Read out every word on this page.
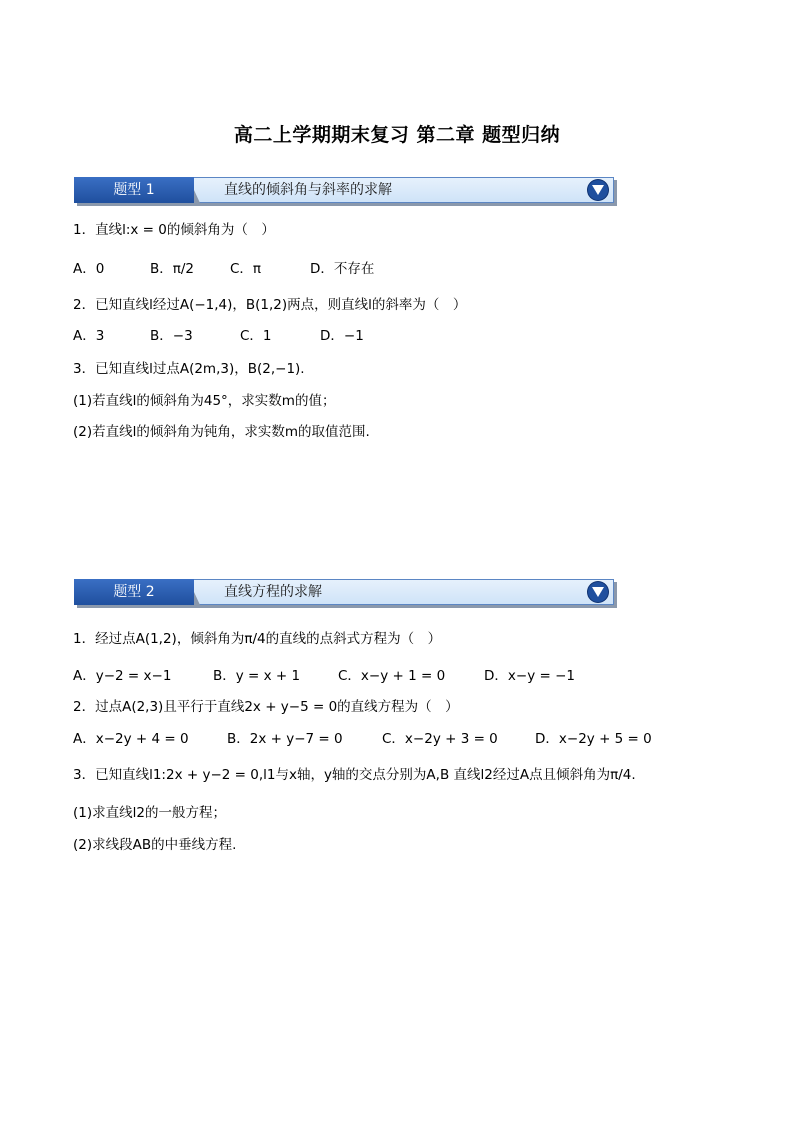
高二上学期期末复习 第二章 题型归纳
题型 1	直线的倾斜角与斜率的求解
1．直线l:x = 0的倾斜角为（　）
A．0	B．π/2	C．π	D．不存在
2．已知直线l经过A(−1,4)，B(1,2)两点，则直线l的斜率为（　）
A．3	B．−3	C．1	D．−1
3．已知直线l过点A(2m,3)，B(2,−1).
(1)若直线l的倾斜角为45°，求实数m的值；
(2)若直线l的倾斜角为钝角，求实数m的取值范围.
题型 2	直线方程的求解
1．经过点A(1,2)，倾斜角为π/4的直线的点斜式方程为（　）
A．y−2 = x−1	B．y = x + 1	C．x−y + 1 = 0	D．x−y = −1
2．过点A(2,3)且平行于直线2x + y−5 = 0的直线方程为（　）
A．x−2y + 4 = 0	B．2x + y−7 = 0	C．x−2y + 3 = 0	D．x−2y + 5 = 0
3．已知直线l1:2x + y−2 = 0,l1与x轴，y轴的交点分别为A,B 直线l2经过A点且倾斜角为π/4.
(1)求直线l2的一般方程；
(2)求线段AB的中垂线方程.
